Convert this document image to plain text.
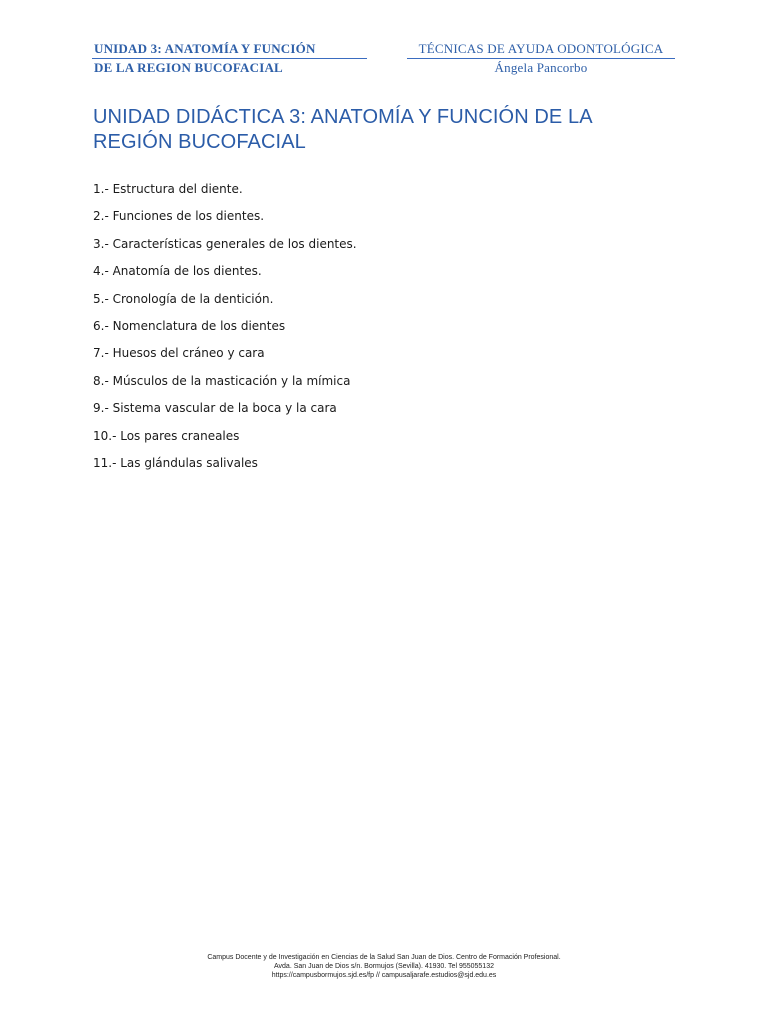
UNIDAD 3: ANATOMÍA Y FUNCIÓN
DE LA REGION BUCOFACIAL
TÉCNICAS DE AYUDA ODONTOLÓGICA
Ángela Pancorbo
UNIDAD DIDÁCTICA 3: ANATOMÍA Y FUNCIÓN DE LA
REGIÓN BUCOFACIAL
1.- Estructura del diente.
2.- Funciones de los dientes.
3.- Características generales de los dientes.
4.- Anatomía de los dientes.
5.- Cronología de la dentición.
6.- Nomenclatura de los dientes
7.- Huesos del cráneo y cara
8.- Músculos de la masticación y la mímica
9.- Sistema vascular de la boca y la cara
10.- Los pares craneales
11.- Las glándulas salivales
Campus Docente y de Investigación en Ciencias de la Salud San Juan de Dios. Centro de Formación Profesional.
Avda. San Juan de Dios s/n. Bormujos (Sevilla). 41930. Tel 955055132
https://campusbormujos.sjd.es/fp // campusaljarafe.estudios@sjd.edu.es
